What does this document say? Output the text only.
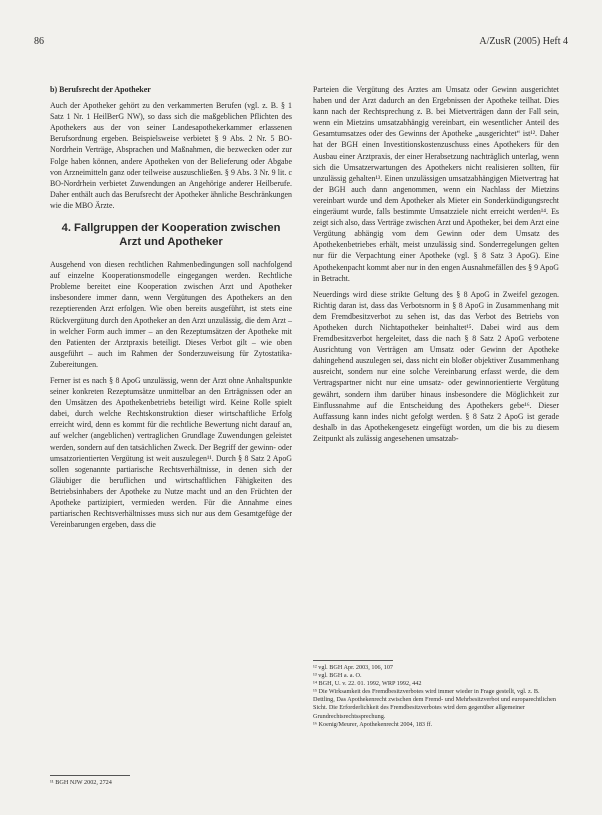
86	A/ZusR (2005) Heft 4
b) Berufsrecht der Apotheker

Auch der Apotheker gehört zu den verkammerten Berufen (vgl. z. B. § 1 Satz 1 Nr. 1 HeilBerG NW), so dass sich die maßgeblichen Pflichten des Apothekers aus der von seiner Landesapothekerkammer erlassenen Berufsordnung ergeben. Beispielsweise verbietet § 9 Abs. 2 Nr. 5 BO-Nordrhein Verträge, Absprachen und Maßnahmen, die bezwecken oder zur Folge haben können, andere Apotheken von der Belieferung oder Abgabe von Arzneimitteln ganz oder teilweise auszuschließen. § 9 Abs. 3 Nr. 9 lit. c BO-Nordrhein verbietet Zuwendungen an Angehörige anderer Heilberufe. Daher enthält auch das Berufsrecht der Apotheker ähnliche Beschränkungen wie die MBO Ärzte.

4. Fallgruppen der Kooperation zwischen Arzt und Apotheker

Ausgehend von diesen rechtlichen Rahmenbedingungen soll nachfolgend auf einzelne Kooperationsmodelle eingegangen werden. Rechtliche Probleme bereitet eine Kooperation zwischen Arzt und Apotheker insbesondere immer dann, wenn Vergütungen des Apothekers an den rezeptierenden Arzt erfolgen. Wie oben bereits ausgeführt, ist stets eine Rückvergütung durch den Apotheker an den Arzt unzulässig, die dem Arzt – in welcher Form auch immer – an den Rezeptumsätzen der Apotheke mit den Patienten der Arztpraxis beteiligt. Dieses Verbot gilt – wie oben ausgeführt – auch im Rahmen der Sonderzuweisung für Zytostatika-Zubereitungen.

Ferner ist es nach § 8 ApoG unzulässig, wenn der Arzt ohne Anhaltspunkte seiner konkreten Rezeptumsätze unmittelbar an den Erträgnissen oder an den Umsätzen des Apothekenbetriebs beteiligt wird. Keine Rolle spielt dabei, durch welche Rechtskonstruktion dieser wirtschaftliche Erfolg erreicht wird, denn es kommt für die rechtliche Bewertung nicht darauf an, auf welcher (angeblichen) vertraglichen Grundlage Zuwendungen geleistet werden, sondern auf den tatsächlichen Zweck. Der Begriff der gewinn- oder umsatzorientierten Vergütung ist weit auszulegen¹¹. Durch § 8 Satz 2 ApoG sollen sogenannte partiarische Rechtsverhältnisse, in denen sich der Gläubiger die beruflichen und wirtschaftlichen Fähigkeiten des Betriebsinhabers der Apotheke zu Nutze macht und an den Früchten der Apotheke partizipiert, vermieden werden. Für die Annahme eines partiarischen Rechtsverhältnisses muss sich nur aus dem Gesamtgefüge der Vereinbarungen ergeben, dass die

¹¹ BGH NJW 2002, 2724

Parteien die Vergütung des Arztes am Umsatz oder Gewinn ausgerichtet haben und der Arzt dadurch an den Ergebnissen der Apotheke teilhat. Dies kann nach der Rechtsprechung z. B. bei Mietverträgen dann der Fall sein, wenn ein Mietzins umsatzabhängig vereinbart, ein wesentlicher Anteil des Gesamtumsatzes oder des Gewinns der Apotheke „ausgerichtet“ ist¹². Daher hat der BGH einen Investitionskostenzuschuss eines Apothekers für den Ausbau einer Arztpraxis, der einer Herabsetzung nachträglich unterlag, wenn sich die Umsatzerwartungen des Apothekers nicht realisieren sollten, für unzulässig gehalten¹³. Einen unzulässigen umsatzabhängigen Mietvertrag hat der BGH auch dann angenommen, wenn ein Nachlass der Mietzins vereinbart wurde und dem Apotheker als Mieter ein Sonderkündigungsrecht eingeräumt wurde, falls bestimmte Umsatzziele nicht erreicht werden¹⁴. Es zeigt sich also, dass Verträge zwischen Arzt und Apotheker, bei dem Arzt eine Vergütung abhängig vom dem Gewinn oder dem Umsatz des Apothekenbetriebes erhält, meist unzulässig sind. Sonderregelungen gelten nur für die Verpachtung einer Apotheke (vgl. § 8 Satz 3 ApoG). Eine Apothekenpacht kommt aber nur in den engen Ausnahmefällen des § 9 ApoG in Betracht.

Neuerdings wird diese strikte Geltung des § 8 ApoG in Zweifel gezogen. Richtig daran ist, dass das Verbotsnorm in § 8 ApoG in Zusammenhang mit dem Fremdbesitzverbot zu sehen ist, das das Verbot des Betriebs von Apotheken durch Nichtapotheker beinhaltet¹⁵. Dabei wird aus dem Fremdbesitzverbot hergeleitet, dass die nach § 8 Satz 2 ApoG verbotene Ausrichtung von Verträgen am Umsatz oder Gewinn der Apotheke dahingehend auszulegen sei, dass nicht ein bloßer objektiver Zusammenhang ausreicht, sondern nur eine solche Vereinbarung erfasst werde, die dem Vertragspartner nicht nur eine umsatz- oder gewinnorientierte Vergütung gewährt, sondern ihm darüber hinaus insbesondere die Möglichkeit zur Einflussnahme auf die Entscheidung des Apothekers gebe¹⁶. Dieser Auffassung kann indes nicht gefolgt werden. § 8 Satz 2 ApoG ist gerade deshalb in das Apothekengesetz eingefügt worden, um die bis zu diesem Zeitpunkt als zulässig angesehenen umsatzab-

¹² vgl. BGH Apr. 2003, 106, 107
¹³ vgl. BGH a. a. O.
¹⁴ BGH, U. v. 22. 01. 1992, WRP 1992, 442
¹⁵ Die Wirksamkeit des Fremdbesitzverbotes wird immer wieder in Frage gestellt, vgl. z. B. Dettling, Das Apothekenrecht zwischen dem Fremd- und Mehrbesitzverbot und europarechtlichen Sicht. Die Erforderlichkeit des Fremdbesitzverbotes wird dem gegenüber allgemeiner Grundrechtsrechtssprechung.
¹⁶ Koenig/Meurer, Apothekenrecht 2004, 183 ff.
